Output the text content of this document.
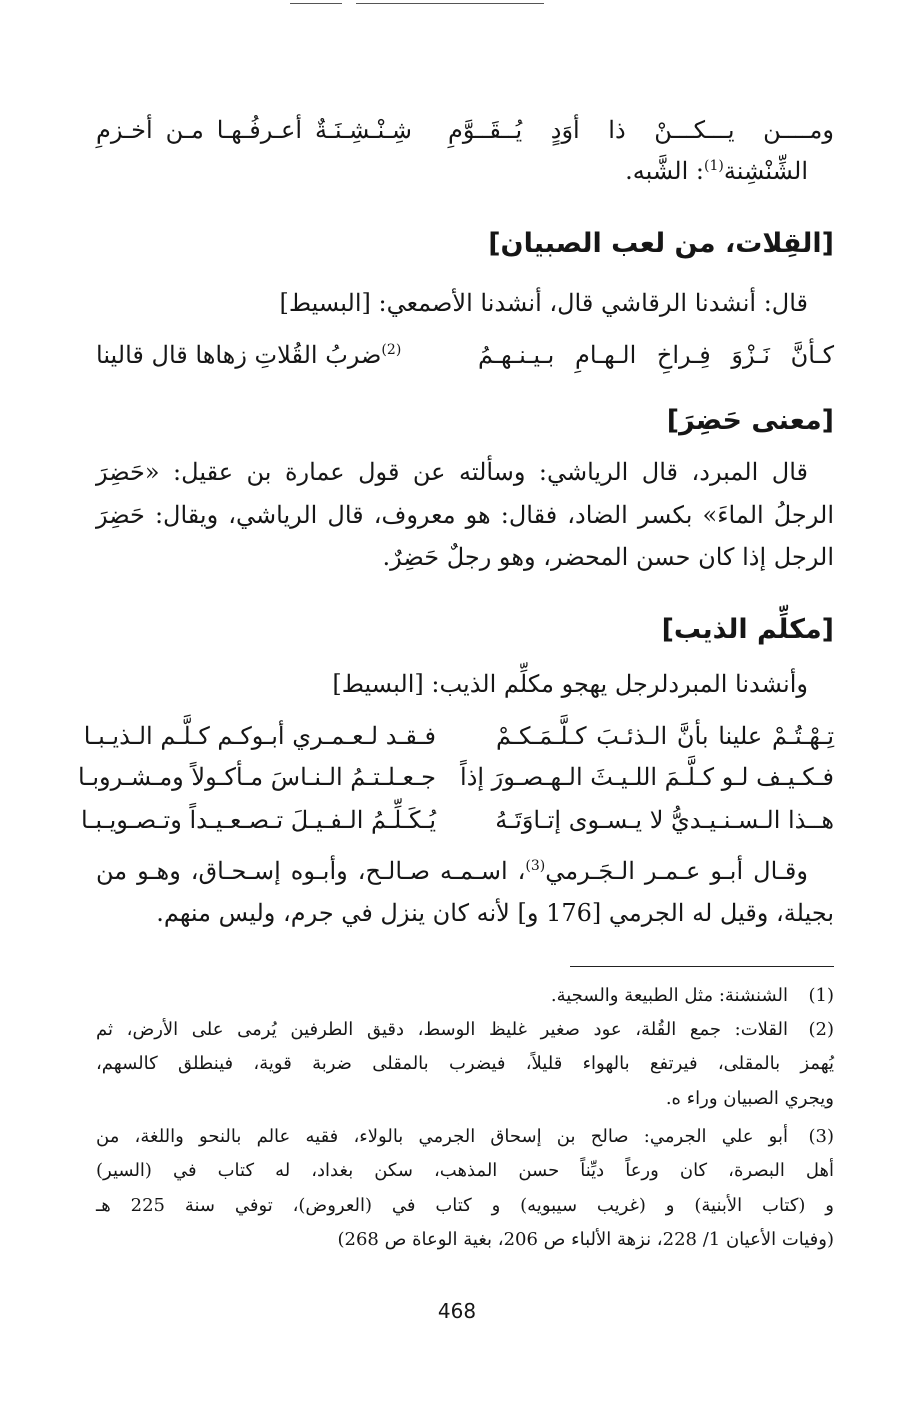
ومــــن يـــكـــنْ ذا أوَدٍ يُــقَــوَّمِ
شِـنْـشِـنَـةٌ أعـرفُـهـا مـن أخـزمِ
الشِّنْشِنة$^{(1)}$: الشَّبه.
[القِلات، من لعب الصبيان]
قال: أنشدنا الرقاشي قال، أنشدنا الأصمعي: [البسيط]
كـأنَّ نَـزْوَ فِـراخِ الـهـامِ بـيـنـهـمُ
$^{(2)}$ضربُ القُلاتِ زهاها قال قالينا
[معنى حَضِرَ]
قال المبرد، قال الرياشي: وسألته عن قول عمارة بن عقيل: «حَضِرَ
الرجلُ الماءَ» بكسر الضاد، فقال: هو معروف، قال الرياشي، ويقال: حَضِرَ
الرجل إذا كان حسن المحضر، وهو رجلٌ حَضِرٌ.
[مكلِّم الذيب]
وأنشدنا المبردلرجل يهجو مكلِّم الذيب: [البسيط]
تِـهْـتُـمْ علينا بأنَّ الـذئـبَ كـلَّـمَـكـمْ
فـقـد لـعـمـري أبـوكـم كـلَّـم الـذيـبـا
فـكـيـف لـو كـلَّـمَ اللـيـثَ الـهـصـورَ إذاً
جـعـلـتـمُ الـنـاسَ مـأكـولاً ومـشـروبـا
هــذا الـسـنـيـديُّ لا يـسـوى إتـاوَتَـهُ
يُـكَـلِّـمُ الـفـيـلَ تـصـعـيـداً وتـصـويـبـا
وقـال أبـو عـمـر الـجَـرمي$^{(3)}$، اسـمـه صـالـح، وأبـوه إسـحـاق، وهـو من
بجيلة، وقيل له الجرمي [176 و] لأنه كان ينزل في جرم، وليس منهم.
(1)
الشنشنة: مثل الطبيعة والسجية.
(2)
القلات: جمع القُلة، عود صغير غليظ الوسط، دقيق الطرفين يُرمى على الأرض، ثم
يُهمز بالمقلى، فيرتفع بالهواء قليلاً، فيضرب بالمقلى ضربة قوية، فينطلق كالسهم،
ويجري الصبيان وراء ه.
(3)
أبو علي الجرمي: صالح بن إسحاق الجرمي بالولاء، فقيه عالم بالنحو واللغة، من
أهل البصرة، كان ورعاً ديِّناً حسن المذهب، سكن بغداد، له كتاب في (السير)
و (كتاب الأبنية) و (غريب سيبويه) و كتاب في (العروض)، توفي سنة 225 هـ
(وفيات الأعيان 1/ 228، نزهة الألباء ص 206، بغية الوعاة ص 268)
468
